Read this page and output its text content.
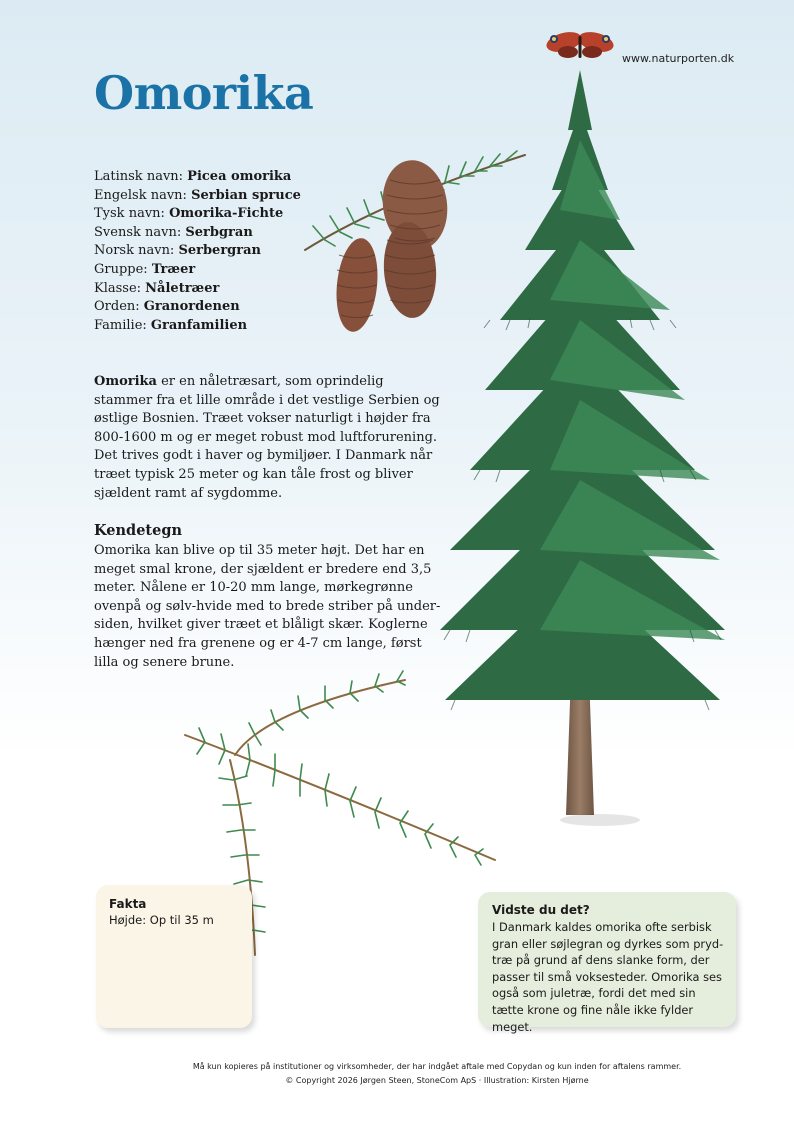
www.naturporten.dk
Omorika
Latinsk navn: Picea omorika
Engelsk navn: Serbian spruce
Tysk navn: Omorika-Fichte
Svensk navn: Serbgran
Norsk navn: Serbergran
Gruppe: Træer
Klasse: Nåletræer
Orden: Granordenen
Familie: Granfamilien
Omorika er en nåletræsart, som oprindelig stammer fra et lille område i det vestlige Serbien og østlige Bosnien. Træet vokser naturligt i højder fra 800-1600 m og er meget robust mod luftforurening. Det trives godt i haver og bymiljøer. I Danmark når træet typisk 25 meter og kan tåle frost og bliver sjældent ramt af sygdomme.
Kendetegn
Omorika kan blive op til 35 meter højt. Det har en meget smal krone, der sjældent er bredere end 3,5 meter. Nålene er 10-20 mm lange, mørkegrønne ovenpå og sølv-hvide med to brede striber på under-siden, hvilket giver træet et blåligt skær. Koglerne hænger ned fra grenene og er 4-7 cm lange, først lilla og senere brune.
Fakta
Højde: Op til 35 m
Vidste du det?
I Danmark kaldes omorika ofte serbisk gran eller søjlegran og dyrkes som pryd-træ på grund af dens slanke form, der passer til små voksesteder. Omorika ses også som juletræ, fordi det med sin tætte krone og fine nåle ikke fylder meget.
Må kun kopieres på institutioner og virksomheder, der har indgået aftale med Copydan og kun inden for aftalens rammer.
© Copyright 2026 Jørgen Steen, StoneCom ApS · Illustration: Kirsten Hjørne
